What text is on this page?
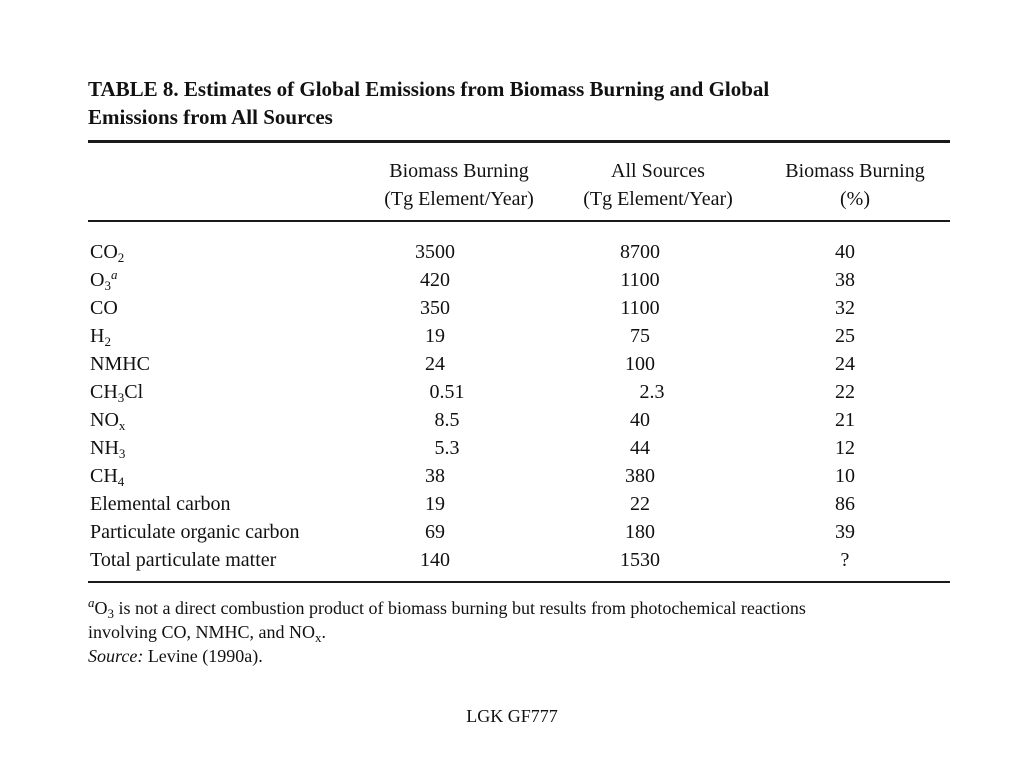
TABLE 8. Estimates of Global Emissions from Biomass Burning and Global
Emissions from All Sources
Biomass Burning
(Tg Element/Year)
All Sources
(Tg Element/Year)
Biomass Burning
(%)
$CO_2$	3500	8700	40
$O_3^a$	420	1100	38
CO	350	1100	32
$H_2$	19	75	25
NMHC	24	100	24
$CH_3Cl$	0.51	2.3	22
$NO_x$	8.5	40	21
$NH_3$	5.3	44	12
$CH_4$	38	380	10
Elemental carbon	19	22	86
Particulate organic carbon	69	180	39
Total particulate matter	140	1530	?
$^aO_3$ is not a direct combustion product of biomass burning but results from photochemical reactions
involving CO, NMHC, and $NO_x$.
Source: Levine (1990a).
LGK GF777
